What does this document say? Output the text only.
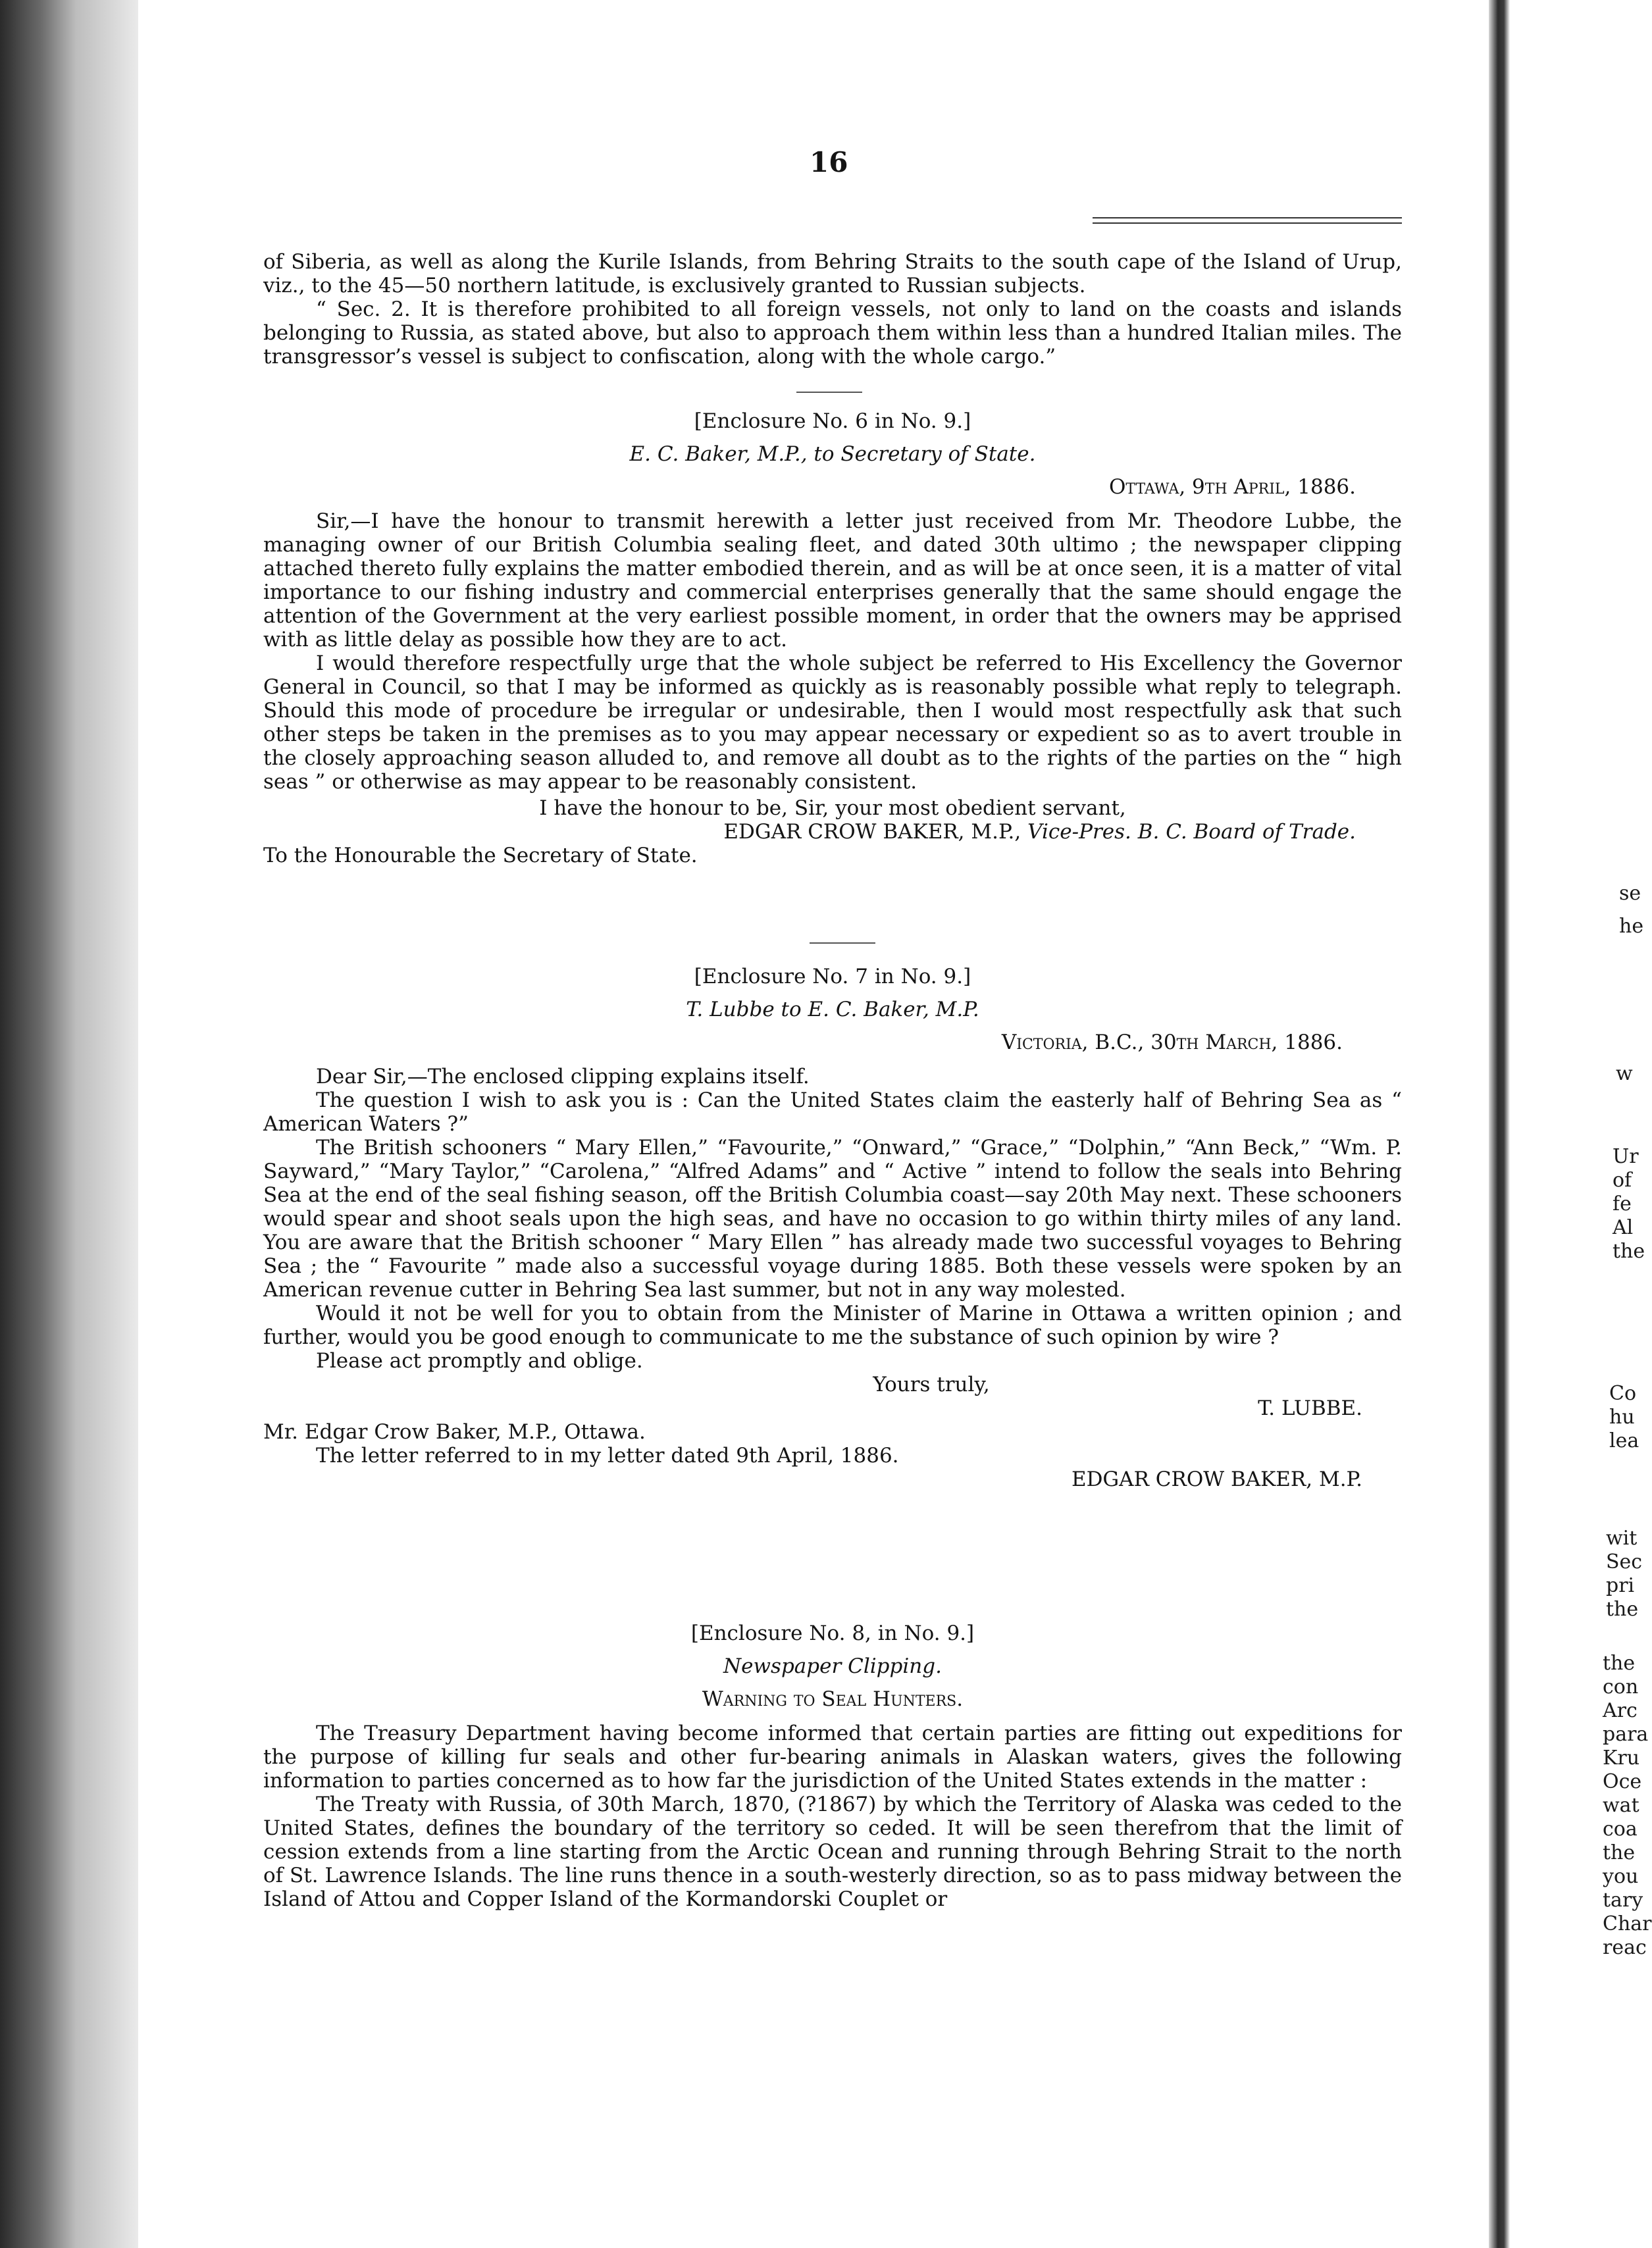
16

of Siberia, as well as along the Kurile Islands, from Behring Straits to the south cape of the Island of Urup, viz., to the 45—50 northern latitude, is exclusively granted to Russian subjects.

“ Sec. 2. It is therefore prohibited to all foreign vessels, not only to land on the coasts and islands belonging to Russia, as stated above, but also to approach them within less than a hundred Italian miles. The transgressor’s vessel is subject to confiscation, along with the whole cargo.”

[Enclosure No. 6 in No. 9.]

E. C. Baker, M.P., to Secretary of State.

Ottawa, 9th April, 1886.

Sir,—I have the honour to transmit herewith a letter just received from Mr. Theodore Lubbe, the managing owner of our British Columbia sealing fleet, and dated 30th ultimo ; the newspaper clipping attached thereto fully explains the matter embodied therein, and as will be at once seen, it is a matter of vital importance to our fishing industry and commercial enterprises generally that the same should engage the attention of the Government at the very earliest possible moment, in order that the owners may be apprised with as little delay as possible how they are to act.

I would therefore respectfully urge that the whole subject be referred to His Excellency the Governor General in Council, so that I may be informed as quickly as is reasonably possible what reply to telegraph. Should this mode of procedure be irregular or undesirable, then I would most respectfully ask that such other steps be taken in the premises as to you may appear necessary or expedient so as to avert trouble in the closely approaching season alluded to, and remove all doubt as to the rights of the parties on the “ high seas ” or otherwise as may appear to be reasonably consistent.

I have the honour to be, Sir, your most obedient servant,

EDGAR CROW BAKER, M.P., Vice-Pres. B. C. Board of Trade.

To the Honourable the Secretary of State.

[Enclosure No. 7 in No. 9.]

T. Lubbe to E. C. Baker, M.P.

Victoria, B.C., 30th March, 1886.

Dear Sir,—The enclosed clipping explains itself.

The question I wish to ask you is : Can the United States claim the easterly half of Behring Sea as “ American Waters ?”

The British schooners “ Mary Ellen,” “Favourite,” “Onward,” “Grace,” “Dolphin,” “Ann Beck,” “Wm. P. Sayward,” “Mary Taylor,” “Carolena,” “Alfred Adams” and “ Active ” intend to follow the seals into Behring Sea at the end of the seal fishing season, off the British Columbia coast—say 20th May next. These schooners would spear and shoot seals upon the high seas, and have no occasion to go within thirty miles of any land. You are aware that the British schooner “ Mary Ellen ” has already made two successful voyages to Behring Sea ; the “ Favourite ” made also a successful voyage during 1885. Both these vessels were spoken by an American revenue cutter in Behring Sea last summer, but not in any way molested.

Would it not be well for you to obtain from the Minister of Marine in Ottawa a written opinion ; and further, would you be good enough to communicate to me the substance of such opinion by wire ?

Please act promptly and oblige.

Yours truly,

T. LUBBE.

Mr. Edgar Crow Baker, M.P., Ottawa.

The letter referred to in my letter dated 9th April, 1886.

EDGAR CROW BAKER, M.P.

[Enclosure No. 8, in No. 9.]

Newspaper Clipping.

Warning to Seal Hunters.

The Treasury Department having become informed that certain parties are fitting out expeditions for the purpose of killing fur seals and other fur-bearing animals in Alaskan waters, gives the following information to parties concerned as to how far the jurisdiction of the United States extends in the matter :

The Treaty with Russia, of 30th March, 1870, (?1867) by which the Territory of Alaska was ceded to the United States, defines the boundary of the territory so ceded. It will be seen therefrom that the limit of cession extends from a line starting from the Arctic Ocean and running through Behring Strait to the north of St. Lawrence Islands. The line runs thence in a south-westerly direction, so as to pass midway between the Island of Attou and Copper Island of the Kormandorski Couplet or

se
he
w
Ur
of
fe
Al
the
Co
hu
lea
wit
Sec
pri
the
the
con
Arc
para
Kru
Oce
wat
coa
the
you
tary
Char
reac
